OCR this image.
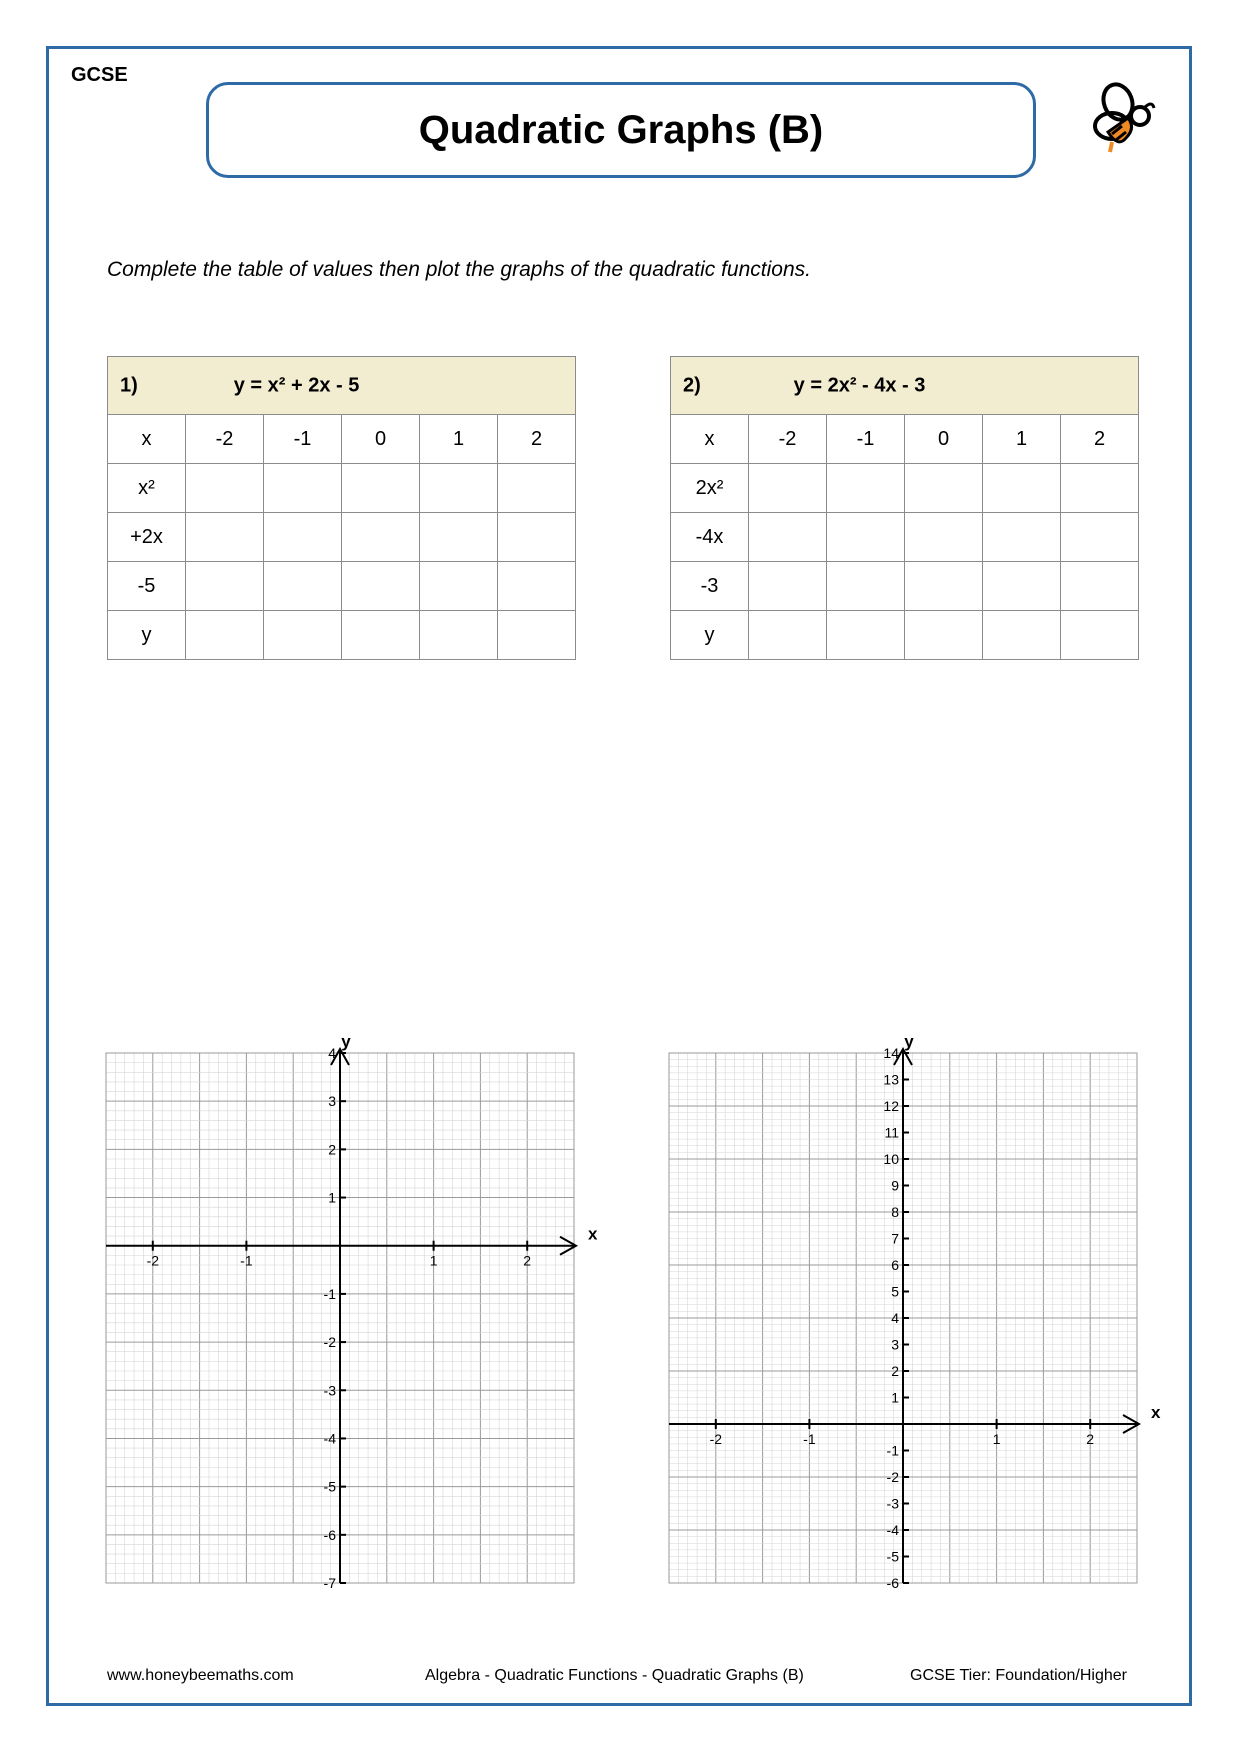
GCSE
Quadratic Graphs (B)
Complete the table of values then plot the graphs of the quadratic functions.
1) y = x² + 2x - 5					

x	-2	-1	0	1	2
x²					
+2x					
-5					
y					
2) y = 2x² - 4x - 3					

x	-2	-1	0	1	2
2x²					
-4x					
-3					
y					
x
y
-2	-1	1	2
-7
-6
-5
-4
-3
-2
-1
1
2
3
4
x
y
-2	-1	1	2
-6
-5
-4
-3
-2
-1
1
2
3
4
5
6
7
8
9
10
11
12
13
14
www.honeybeemaths.com	Algebra - Quadratic Functions - Quadratic Graphs (B)	GCSE Tier: Foundation/Higher
